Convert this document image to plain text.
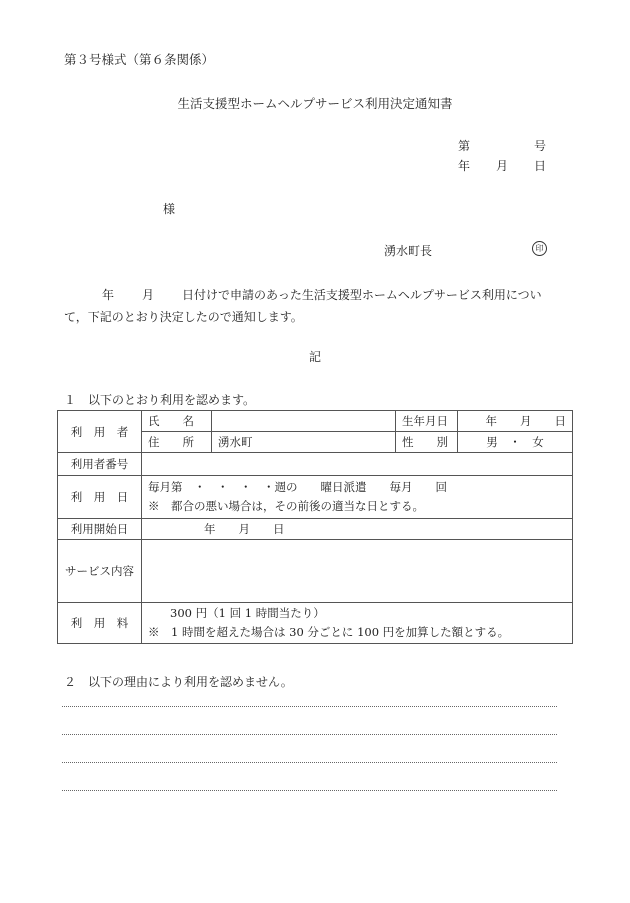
第３号様式（第６条関係）
生活支援型ホームヘルプサービス利用決定通知書
第	号
年 月 日
様
湧水町長	印
年 月 日付けで申請のあった生活支援型ホームヘルプサービス利用について，下記のとおり決定したので通知します。
記
１　以下のとおり利用を認めます。
利　用　者	氏　　名		生年月日	年　　月　　日
	住　　所	湧水町	性　　別	男　・　女
利用者番号				
利　用　日	毎月第　・　・　・　・週の　　曜日派遣　　毎月　　回
※　都合の悪い場合は，その前後の適当な日とする。			

利用開始日	年　　月　　日			
サービス内容				
利　用　料	300 円（1 回 1 時間当たり）
※　1 時間を超えた場合は 30 分ごとに 100 円を加算した額とする。			
２　以下の理由により利用を認めません。
